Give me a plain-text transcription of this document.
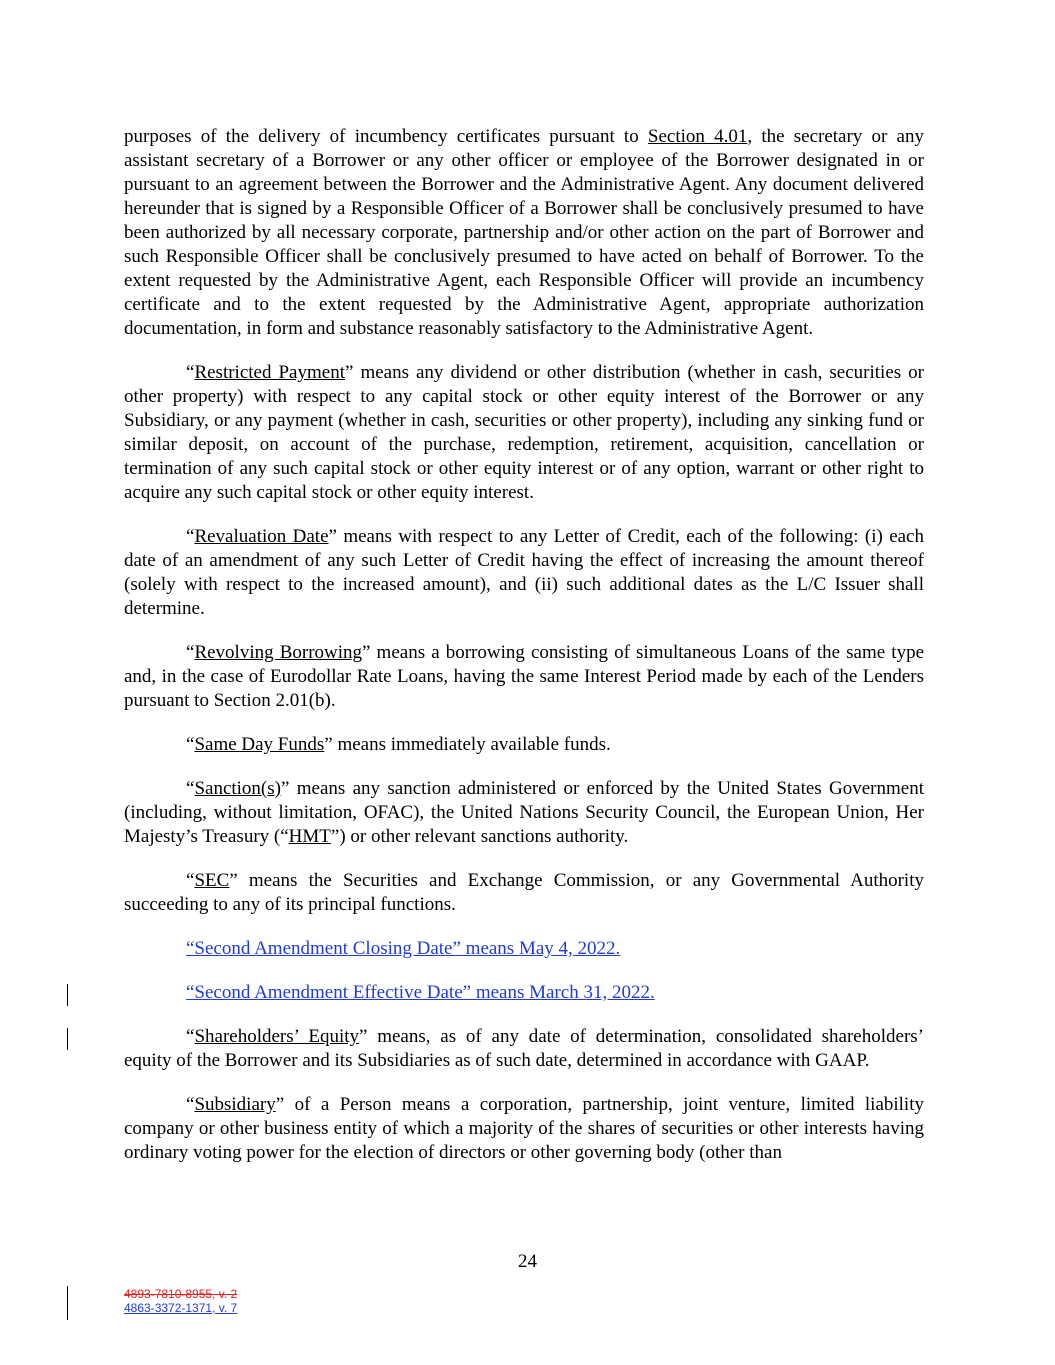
purposes of the delivery of incumbency certificates pursuant to Section 4.01, the secretary or any assistant secretary of a Borrower or any other officer or employee of the Borrower designated in or pursuant to an agreement between the Borrower and the Administrative Agent. Any document delivered hereunder that is signed by a Responsible Officer of a Borrower shall be conclusively presumed to have been authorized by all necessary corporate, partnership and/or other action on the part of Borrower and such Responsible Officer shall be conclusively presumed to have acted on behalf of Borrower. To the extent requested by the Administrative Agent, each Responsible Officer will provide an incumbency certificate and to the extent requested by the Administrative Agent, appropriate authorization documentation, in form and substance reasonably satisfactory to the Administrative Agent.

“Restricted Payment” means any dividend or other distribution (whether in cash, securities or other property) with respect to any capital stock or other equity interest of the Borrower or any Subsidiary, or any payment (whether in cash, securities or other property), including any sinking fund or similar deposit, on account of the purchase, redemption, retirement, acquisition, cancellation or termination of any such capital stock or other equity interest or of any option, warrant or other right to acquire any such capital stock or other equity interest.

“Revaluation Date” means with respect to any Letter of Credit, each of the following: (i) each date of an amendment of any such Letter of Credit having the effect of increasing the amount thereof (solely with respect to the increased amount), and (ii) such additional dates as the L/C Issuer shall determine.

“Revolving Borrowing” means a borrowing consisting of simultaneous Loans of the same type and, in the case of Eurodollar Rate Loans, having the same Interest Period made by each of the Lenders pursuant to Section 2.01(b).

“Same Day Funds” means immediately available funds.

“Sanction(s)” means any sanction administered or enforced by the United States Government (including, without limitation, OFAC), the United Nations Security Council, the European Union, Her Majesty’s Treasury (“HMT”) or other relevant sanctions authority.

“SEC” means the Securities and Exchange Commission, or any Governmental Authority succeeding to any of its principal functions.

“Second Amendment Closing Date” means May 4, 2022.

“Second Amendment Effective Date” means March 31, 2022.

“Shareholders’ Equity” means, as of any date of determination, consolidated shareholders’ equity of the Borrower and its Subsidiaries as of such date, determined in accordance with GAAP.

“Subsidiary” of a Person means a corporation, partnership, joint venture, limited liability company or other business entity of which a majority of the shares of securities or other interests having ordinary voting power for the election of directors or other governing body (other than

24
4893-7810-8955, v. 2
4863-3372-1371, v. 7
